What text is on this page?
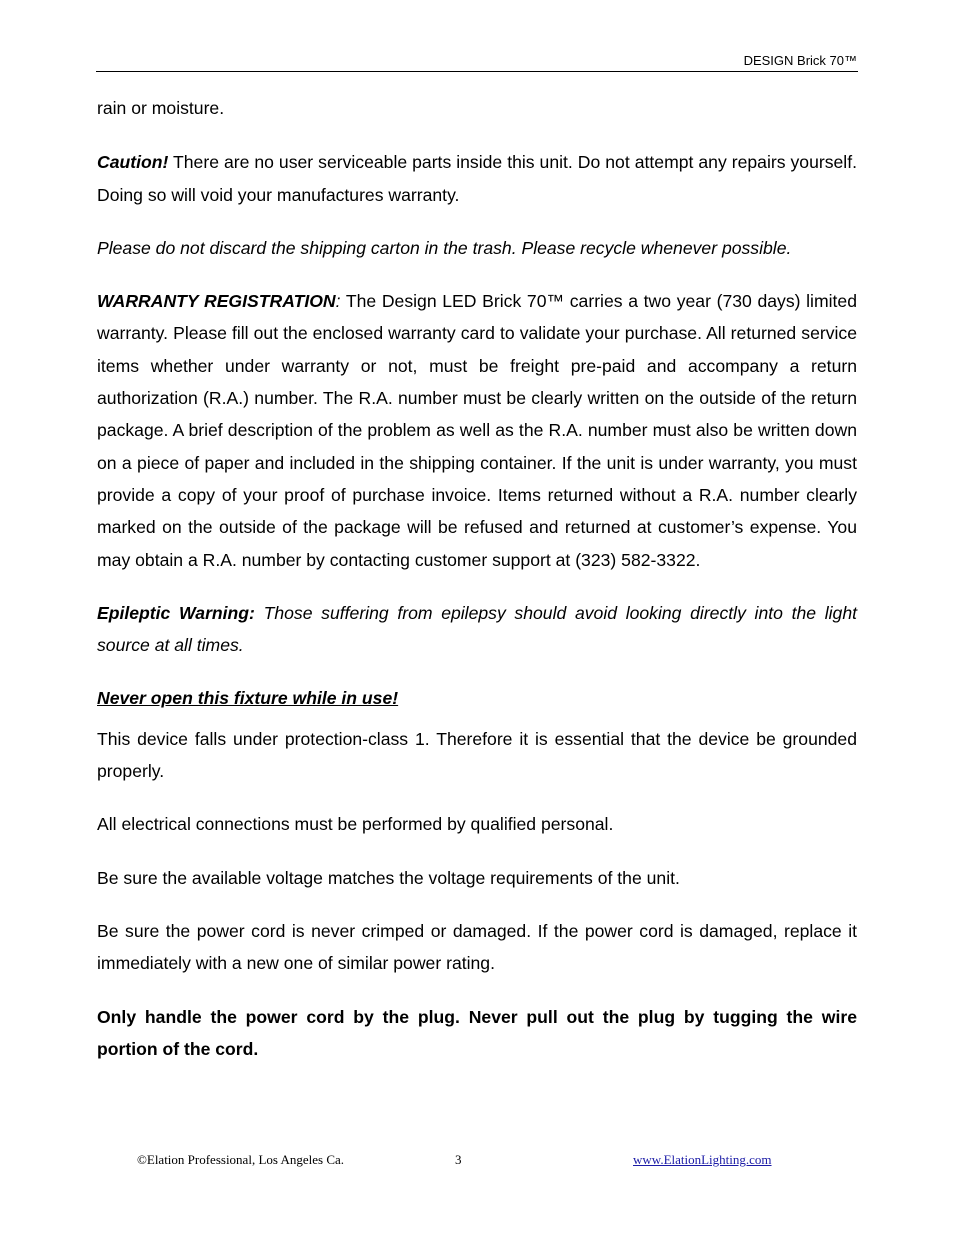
DESIGN Brick 70™

rain or moisture.

Caution! There are no user serviceable parts inside this unit. Do not attempt any repairs yourself. Doing so will void your manufactures warranty.

Please do not discard the shipping carton in the trash. Please recycle whenever possible.

WARRANTY REGISTRATION: The Design LED Brick 70™ carries a two year (730 days) limited warranty. Please fill out the enclosed warranty card to validate your purchase. All returned service items whether under warranty or not, must be freight pre-paid and accompany a return authorization (R.A.) number. The R.A. number must be clearly written on the outside of the return package. A brief description of the problem as well as the R.A. number must also be written down on a piece of paper and included in the shipping container. If the unit is under warranty, you must provide a copy of your proof of purchase invoice. Items returned without a R.A. number clearly marked on the outside of the package will be refused and returned at customer’s expense. You may obtain a R.A. number by contacting customer support at (323) 582-3322.

Epileptic Warning: Those suffering from epilepsy should avoid looking directly into the light source at all times.

Never open this fixture while in use!

This device falls under protection-class 1. Therefore it is essential that the device be grounded properly.

All electrical connections must be performed by qualified personal.

Be sure the available voltage matches the voltage requirements of the unit.

Be sure the power cord is never crimped or damaged. If the power cord is damaged, replace it immediately with a new one of similar power rating.

Only handle the power cord by the plug. Never pull out the plug by tugging the wire portion of the cord.

©Elation Professional, Los Angeles Ca.	3	www.ElationLighting.com
